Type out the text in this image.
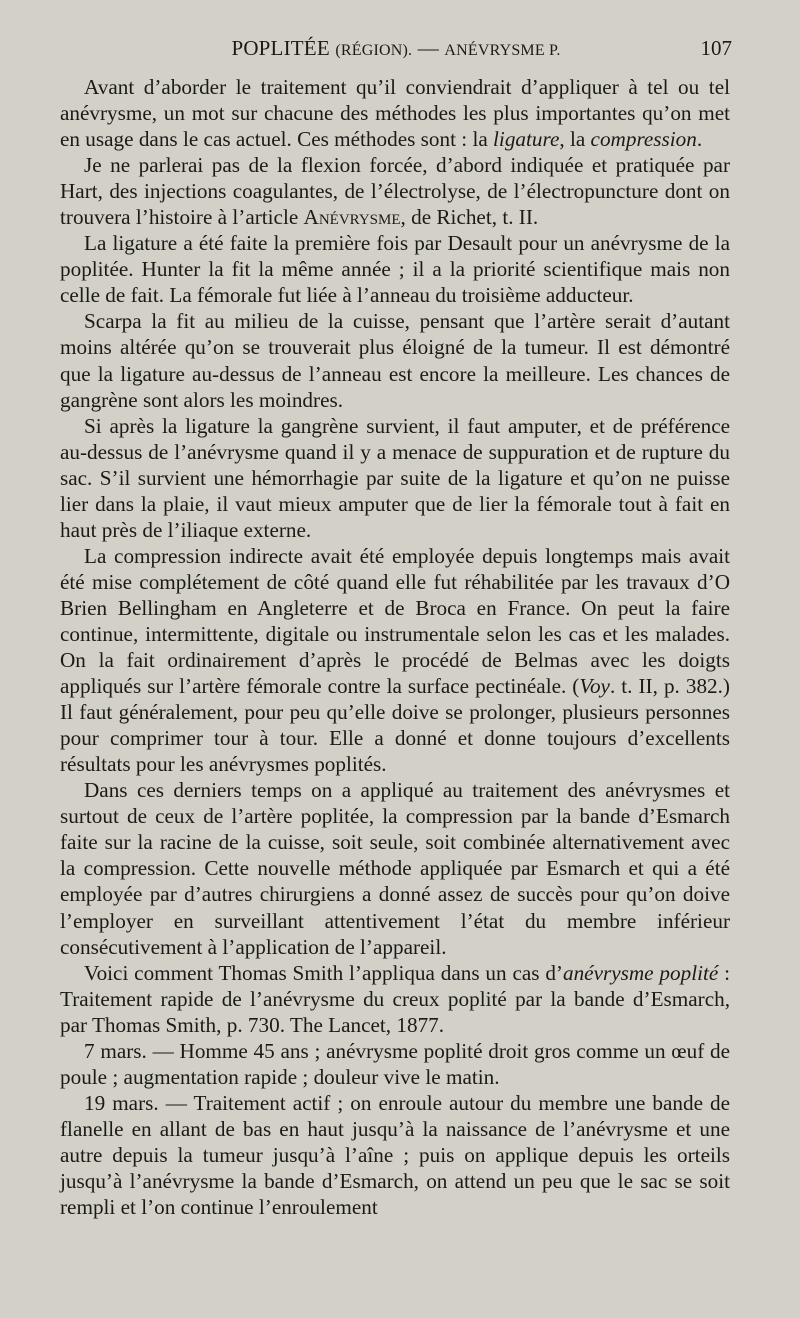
POPLITÉE (RÉGION). — ANÉVRYSME P.	107

Avant d’aborder le traitement qu’il conviendrait d’appliquer à tel ou tel anévrysme, un mot sur chacune des méthodes les plus importantes qu’on met en usage dans le cas actuel. Ces méthodes sont : la ligature, la compression.

Je ne parlerai pas de la flexion forcée, d’abord indiquée et pratiquée par Hart, des injections coagulantes, de l’électrolyse, de l’électropuncture dont on trouvera l’histoire à l’article Anévrysme, de Richet, t. II.

La ligature a été faite la première fois par Desault pour un anévrysme de la poplitée. Hunter la fit la même année ; il a la priorité scientifique mais non celle de fait. La fémorale fut liée à l’anneau du troisième adducteur.

Scarpa la fit au milieu de la cuisse, pensant que l’artère serait d’autant moins altérée qu’on se trouverait plus éloigné de la tumeur. Il est démontré que la ligature au-dessus de l’anneau est encore la meilleure. Les chances de gangrène sont alors les moindres.

Si après la ligature la gangrène survient, il faut amputer, et de préférence au-dessus de l’anévrysme quand il y a menace de suppuration et de rupture du sac. S’il survient une hémorrhagie par suite de la ligature et qu’on ne puisse lier dans la plaie, il vaut mieux amputer que de lier la fémorale tout à fait en haut près de l’iliaque externe.

La compression indirecte avait été employée depuis longtemps mais avait été mise complétement de côté quand elle fut réhabilitée par les travaux d’O Brien Bellingham en Angleterre et de Broca en France. On peut la faire continue, intermittente, digitale ou instrumentale selon les cas et les malades. On la fait ordinairement d’après le procédé de Belmas avec les doigts appliqués sur l’artère fémorale contre la surface pectinéale. (Voy. t. II, p. 382.) Il faut généralement, pour peu qu’elle doive se prolonger, plusieurs personnes pour comprimer tour à tour. Elle a donné et donne toujours d’excellents résultats pour les anévrysmes poplités.

Dans ces derniers temps on a appliqué au traitement des anévrysmes et surtout de ceux de l’artère poplitée, la compression par la bande d’Esmarch faite sur la racine de la cuisse, soit seule, soit combinée alternativement avec la compression. Cette nouvelle méthode appliquée par Esmarch et qui a été employée par d’autres chirurgiens a donné assez de succès pour qu’on doive l’employer en surveillant attentivement l’état du membre inférieur consécutivement à l’application de l’appareil.

Voici comment Thomas Smith l’appliqua dans un cas d’anévrysme poplité : Traitement rapide de l’anévrysme du creux poplité par la bande d’Esmarch, par Thomas Smith, p. 730. The Lancet, 1877.

7 mars. — Homme 45 ans ; anévrysme poplité droit gros comme un œuf de poule ; augmentation rapide ; douleur vive le matin.

19 mars. — Traitement actif ; on enroule autour du membre une bande de flanelle en allant de bas en haut jusqu’à la naissance de l’anévrysme et une autre depuis la tumeur jusqu’à l’aîne ; puis on applique depuis les orteils jusqu’à l’anévrysme la bande d’Esmarch, on attend un peu que le sac se soit rempli et l’on continue l’enroulement
